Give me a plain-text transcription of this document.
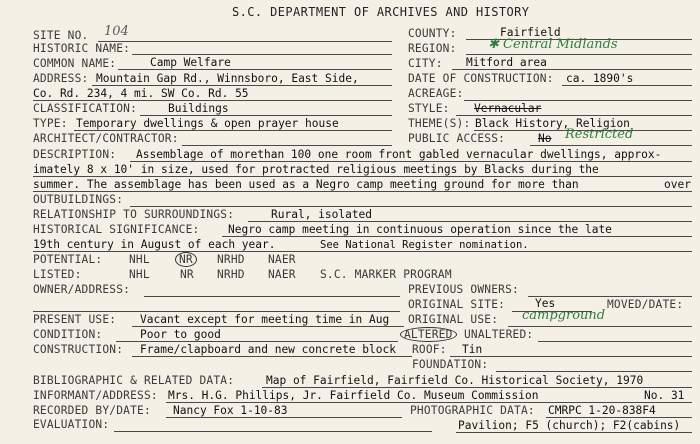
S.C. DEPARTMENT OF ARCHIVES AND HISTORY
SITE NO. 104	COUNTY:	Fairfield
HISTORIC NAME:	REGION: ✱ Central Midlands
COMMON NAME:	Camp Welfare	CITY: Mitford area
ADDRESS: Mountain Gap Rd., Winnsboro, East Side,	DATE OF CONSTRUCTION: ca. 1890's
Co. Rd. 234, 4 mi. SW Co. Rd. 55	ACREAGE:
CLASSIFICATION:	Buildings	STYLE: Vernacular
TYPE: Temporary dwellings & open prayer house	THEME(S): Black History, Religion
ARCHITECT/CONTRACTOR:	PUBLIC ACCESS:	No Restricted
DESCRIPTION: Assemblage of morethan 100 one room front gabled vernacular dwellings, approx-
imately 8 x 10' in size, used for protracted religious meetings by Blacks during the
summer. The assemblage has been used as a Negro camp meeting ground for more than	over
OUTBUILDINGS:
RELATIONSHIP TO SURROUNDINGS:	Rural, isolated
HISTORICAL SIGNIFICANCE:	Negro camp meeting in continuous operation since the late
19th century in August of each year.	See National Register nomination.
POTENTIAL: NHL	NR	NRHD NAER
LISTED:	NHL	NR NRHD NAER S.C. MARKER PROGRAM
OWNER/ADDRESS:	PREVIOUS OWNERS:
ORIGINAL SITE:	Yes	MOVED/DATE:
PRESENT USE: Vacant except for meeting time in Aug ORIGINAL USE: campground
CONDITION:	Poor to good	ALTERED	UNALTERED:
CONSTRUCTION: Frame/clapboard and new concrete block ROOF: Tin
FOUNDATION:
BIBLIOGRAPHIC & RELATED DATA:	Map of Fairfield, Fairfield Co. Historical Society, 1970
INFORMANT/ADDRESS: Mrs. H.G. Phillips, Jr. Fairfield Co. Museum Commission	No. 31
RECORDED BY/DATE: Nancy Fox 1-10-83	PHOTOGRAPHIC DATA: CMRPC 1-20-838F4
EVALUATION:	Pavilion; F5 (church); F2(cabins)
